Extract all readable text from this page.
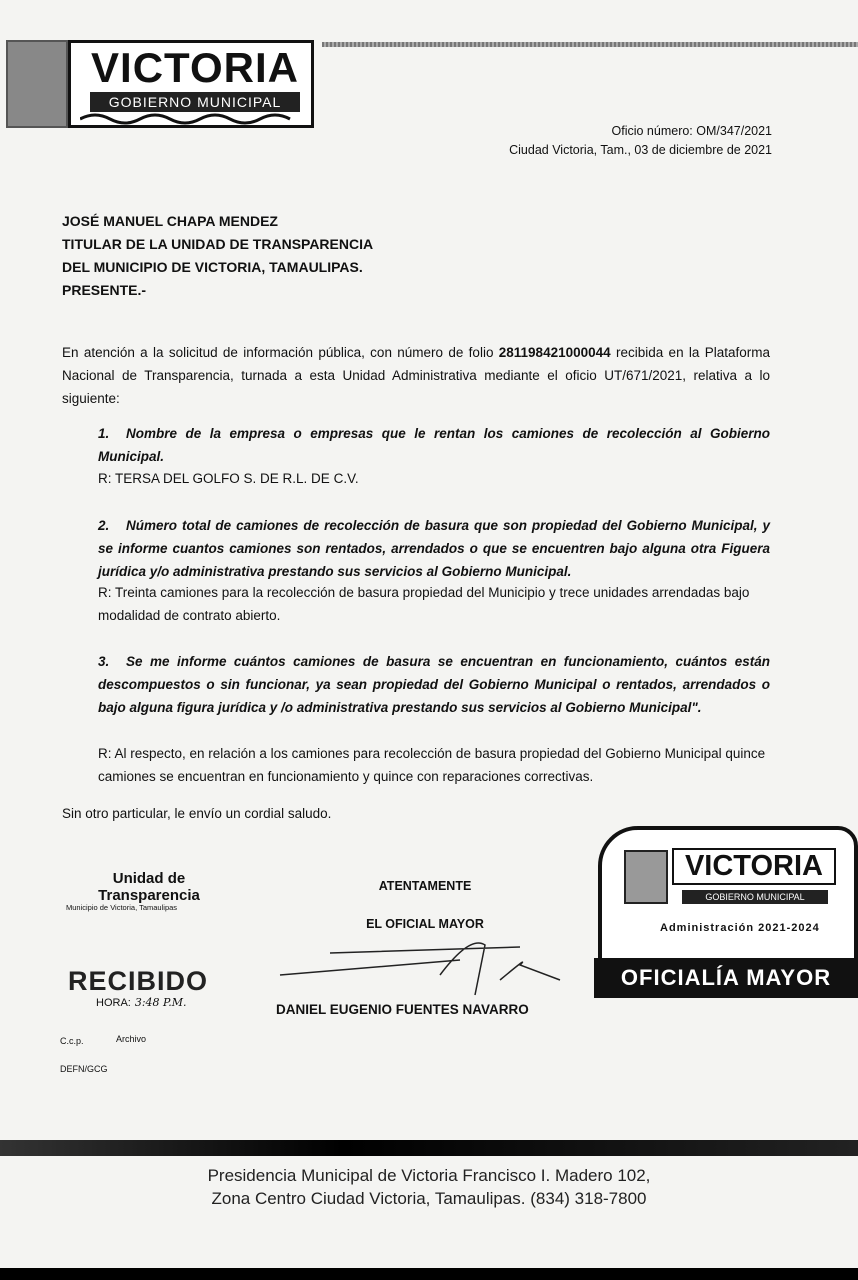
VICTORIA
GOBIERNO MUNICIPAL
Oficio número: OM/347/2021
Ciudad Victoria, Tam., 03 de diciembre de 2021
JOSÉ MANUEL CHAPA MENDEZ
TITULAR DE LA UNIDAD DE TRANSPARENCIA
DEL MUNICIPIO DE VICTORIA, TAMAULIPAS.
PRESENTE.-
En atención a la solicitud de información pública, con número de folio 281198421000044 recibida en la Plataforma Nacional de Transparencia, turnada a esta Unidad Administrativa mediante el oficio UT/671/2021, relativa a lo siguiente:
1. Nombre de la empresa o empresas que le rentan los camiones de recolección al Gobierno Municipal.
R: TERSA DEL GOLFO S. DE R.L. DE C.V.
2. Número total de camiones de recolección de basura que son propiedad del Gobierno Municipal, y se informe cuantos camiones son rentados, arrendados o que se encuentren bajo alguna otra Figuera jurídica y/o administrativa prestando sus servicios al Gobierno Municipal.
R: Treinta camiones para la recolección de basura propiedad del Municipio y trece unidades arrendadas bajo modalidad de contrato abierto.
3. Se me informe cuántos camiones de basura se encuentran en funcionamiento, cuántos están descompuestos o sin funcionar, ya sean propiedad del Gobierno Municipal o rentados, arrendados o bajo alguna figura jurídica y /o administrativa prestando sus servicios al Gobierno Municipal".
R: Al respecto, en relación a los camiones para recolección de basura propiedad del Gobierno Municipal quince camiones se encuentran en funcionamiento y quince con reparaciones correctivas.
Sin otro particular, le envío un cordial saludo.
Unidad de
Transparencia
Municipio de Victoria, Tamaulipas
RECIBIDO
HORA: 3:48 P.M.
C.c.p.	Archivo
DEFN/GCG
ATENTAMENTE
EL OFICIAL MAYOR
DANIEL EUGENIO FUENTES NAVARRO
VICTORIA
GOBIERNO MUNICIPAL
Administración 2021-2024
OFICIALÍA MAYOR
Presidencia Municipal de Victoria Francisco I. Madero 102,
Zona Centro Ciudad Victoria, Tamaulipas. (834) 318-7800
